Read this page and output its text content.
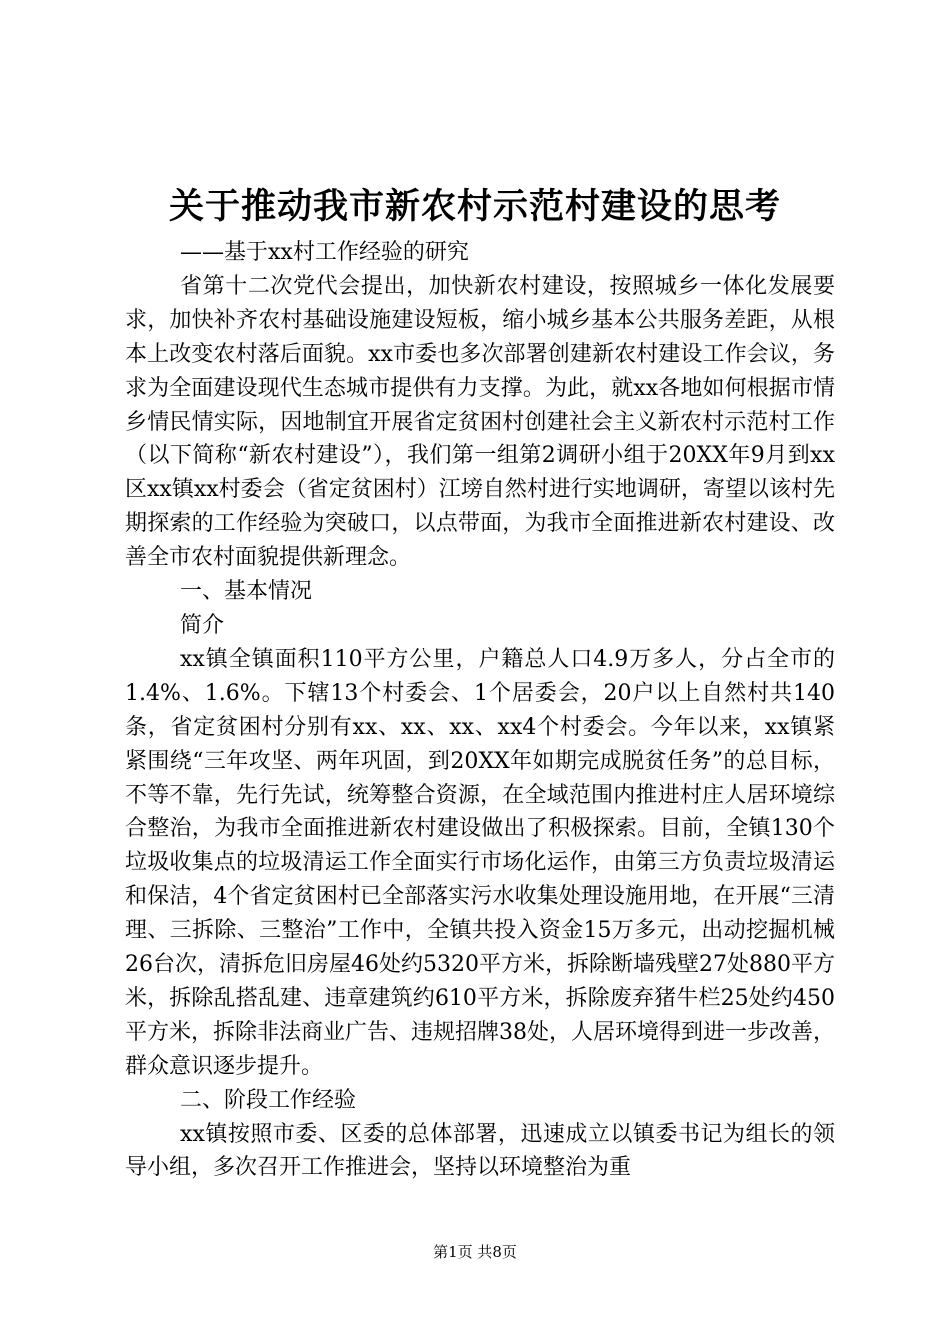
关于推动我市新农村示范村建设的思考

——基于xx村工作经验的研究

省第十二次党代会提出，加快新农村建设，按照城乡一体化发展要求，加快补齐农村基础设施建设短板，缩小城乡基本公共服务差距，从根本上改变农村落后面貌。xx市委也多次部署创建新农村建设工作会议，务求为全面建设现代生态城市提供有力支撑。为此，就xx各地如何根据市情乡情民情实际，因地制宜开展省定贫困村创建社会主义新农村示范村工作（以下简称“新农村建设”），我们第一组第2调研小组于20XX年9月到xx区xx镇xx村委会（省定贫困村）江塝自然村进行实地调研，寄望以该村先期探索的工作经验为突破口，以点带面，为我市全面推进新农村建设、改善全市农村面貌提供新理念。

一、基本情况

简介

xx镇全镇面积110平方公里，户籍总人口4.9万多人，分占全市的1.4%、1.6%。下辖13个村委会、1个居委会，20户以上自然村共140条，省定贫困村分别有xx、xx、xx、xx4个村委会。今年以来，xx镇紧紧围绕“三年攻坚、两年巩固，到20XX年如期完成脱贫任务”的总目标，不等不靠，先行先试，统筹整合资源，在全域范围内推进村庄人居环境综合整治，为我市全面推进新农村建设做出了积极探索。目前，全镇130个垃圾收集点的垃圾清运工作全面实行市场化运作，由第三方负责垃圾清运和保洁，4个省定贫困村已全部落实污水收集处理设施用地，在开展“三清理、三拆除、三整治”工作中，全镇共投入资金15万多元，出动挖掘机械26台次，清拆危旧房屋46处约5320平方米，拆除断墙残壁27处880平方米，拆除乱搭乱建、违章建筑约610平方米，拆除废弃猪牛栏25处约450平方米，拆除非法商业广告、违规招牌38处，人居环境得到进一步改善，群众意识逐步提升。

二、阶段工作经验

xx镇按照市委、区委的总体部署，迅速成立以镇委书记为组长的领导小组，多次召开工作推进会，坚持以环境整治为重

第1页 共8页
